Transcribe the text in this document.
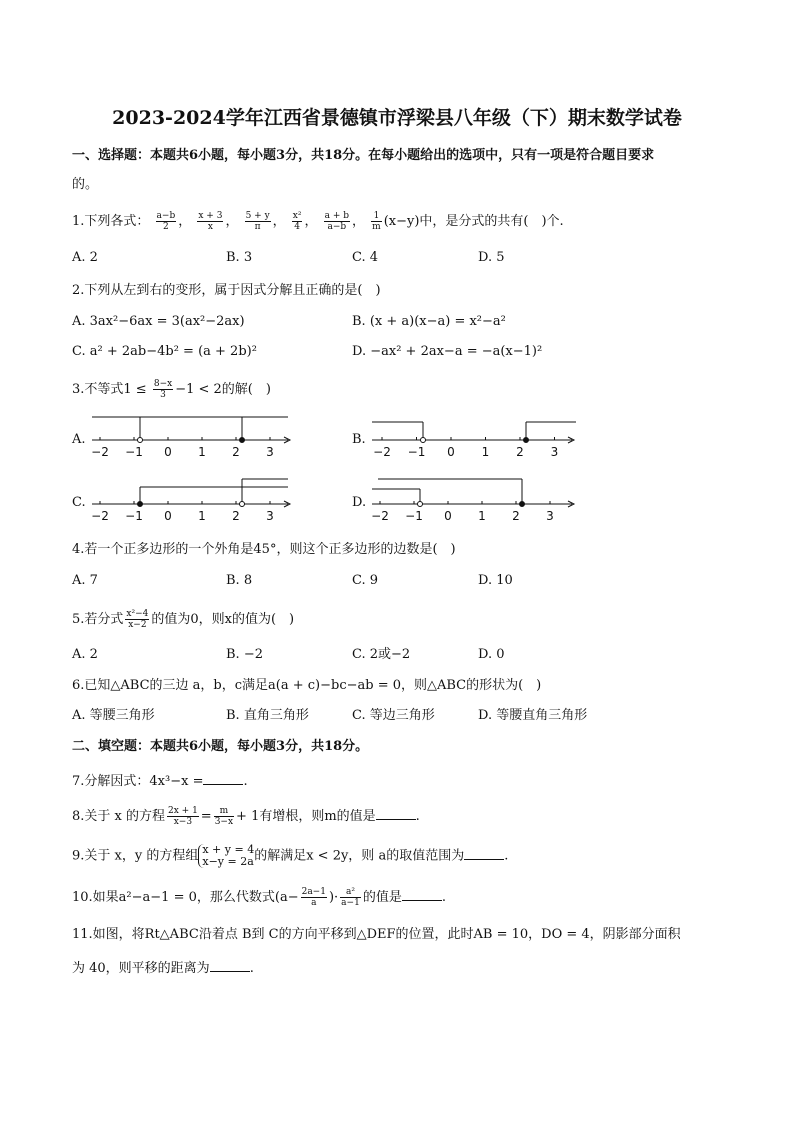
2023-2024学年江西省景德镇市浮梁县八年级（下）期末数学试卷
一、选择题：本题共6小题，每小题3分，共18分。在每小题给出的选项中，只有一项是符合题目要求
的。
1.下列各式： $\frac{a-b}{2}$ ， $\frac{x + 3}{x}$ ， $\frac{5 + y}{\pi}$ ， $\frac{\text{x²}}{4}$ ， $\frac{a + b}{a-b}$ ， $\frac{1}{m} (x-y)$中，是分式的共有(　)个.
A. 2	B. 3	C. 4	D. 5
2.下列从左到右的变形，属于因式分解且正确的是(　)
A. 3ax²−6ax = 3(ax²−2ax)	B. (x + a)(x−a) = x²−a²
C. a² + 2ab−4b² = (a + 2b)²	D. −ax² + 2ax−a = −a(x−1)²
3.不等式$1 \le \frac{8-x}{3} -1 < 2$的解(　)
A.
−2 −1 0 1 2 3
B.
−2 −1 0 1 2 3
C.
−2 −1 0 1 2 3
D.
−2 −1 0 1 2 3
4.若一个正多边形的一个外角是45°，则这个正多边形的边数是(　)
A. 7	B. 8	C. 9	D. 10
5.若分式 $\frac{\text{x²−4}}{x-2}$ 的值为0，则x的值为(　)
A. 2	B. −2	C. 2或−2	D. 0
6.已知△ABC的三边 a，b，c满足a(a + c)−bc−ab = 0，则△ABC的形状为(　)
A. 等腰三角形	B. 直角三角形	C. 等边三角形	D. 等腰直角三角形
二、填空题：本题共6小题，每小题3分，共18分。
7.分解因式：4x³−x =	.
8.关于 x 的方程 $\frac{2x + 1}{x-3} = \frac{m}{3-x} + 1$有增根，则m的值是	.
9.关于 x，y 的方程组 x + y = 4
x−y = 2a 的解满足x < 2y，则 a的取值范围为	.
10.如果a²−a−1 = 0，那么代数式($a- \frac{2a-1}{a}$ )· $\frac{\text{a²}}{a-1}$ 的值是	.
11.如图，将Rt△ABC沿着点 B到 C的方向平移到△DEF的位置，此时AB = 10，DO = 4，阴影部分面积
为 40，则平移的距离为	.
